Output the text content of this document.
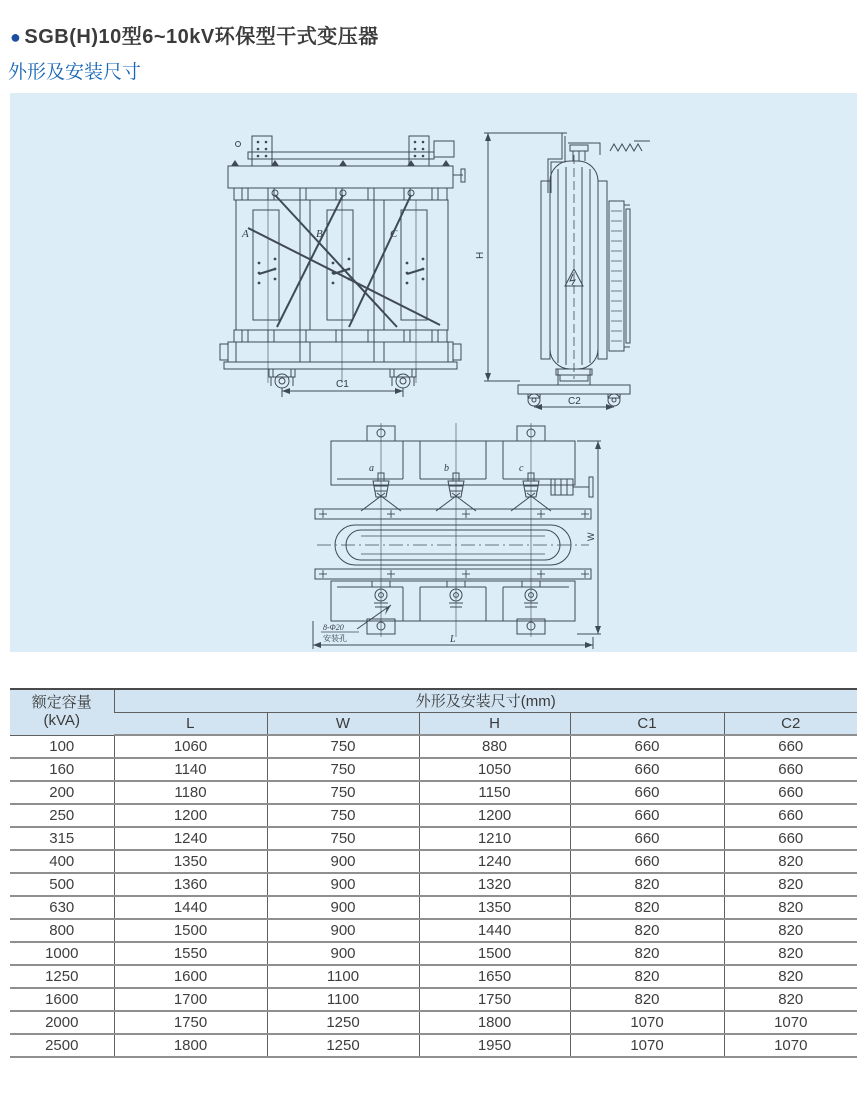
● SGB(H)10型6~10kV环保型干式变压器
外形及安装尺寸
A	B	C
C1
H
C2
a	b	c
W
L
8-Φ20
安装孔
额定容量
(kVA)	外形及安装尺寸(mm)				
	L	W	H	C1	C2
100	1060	750	880	660	660
160	1140	750	1050	660	660
200	1180	750	1150	660	660
250	1200	750	1200	660	660
315	1240	750	1210	660	660
400	1350	900	1240	660	820
500	1360	900	1320	820	820
630	1440	900	1350	820	820
800	1500	900	1440	820	820
1000	1550	900	1500	820	820
1250	1600	1100	1650	820	820
1600	1700	1100	1750	820	820
2000	1750	1250	1800	1070	1070
2500	1800	1250	1950	1070	1070
